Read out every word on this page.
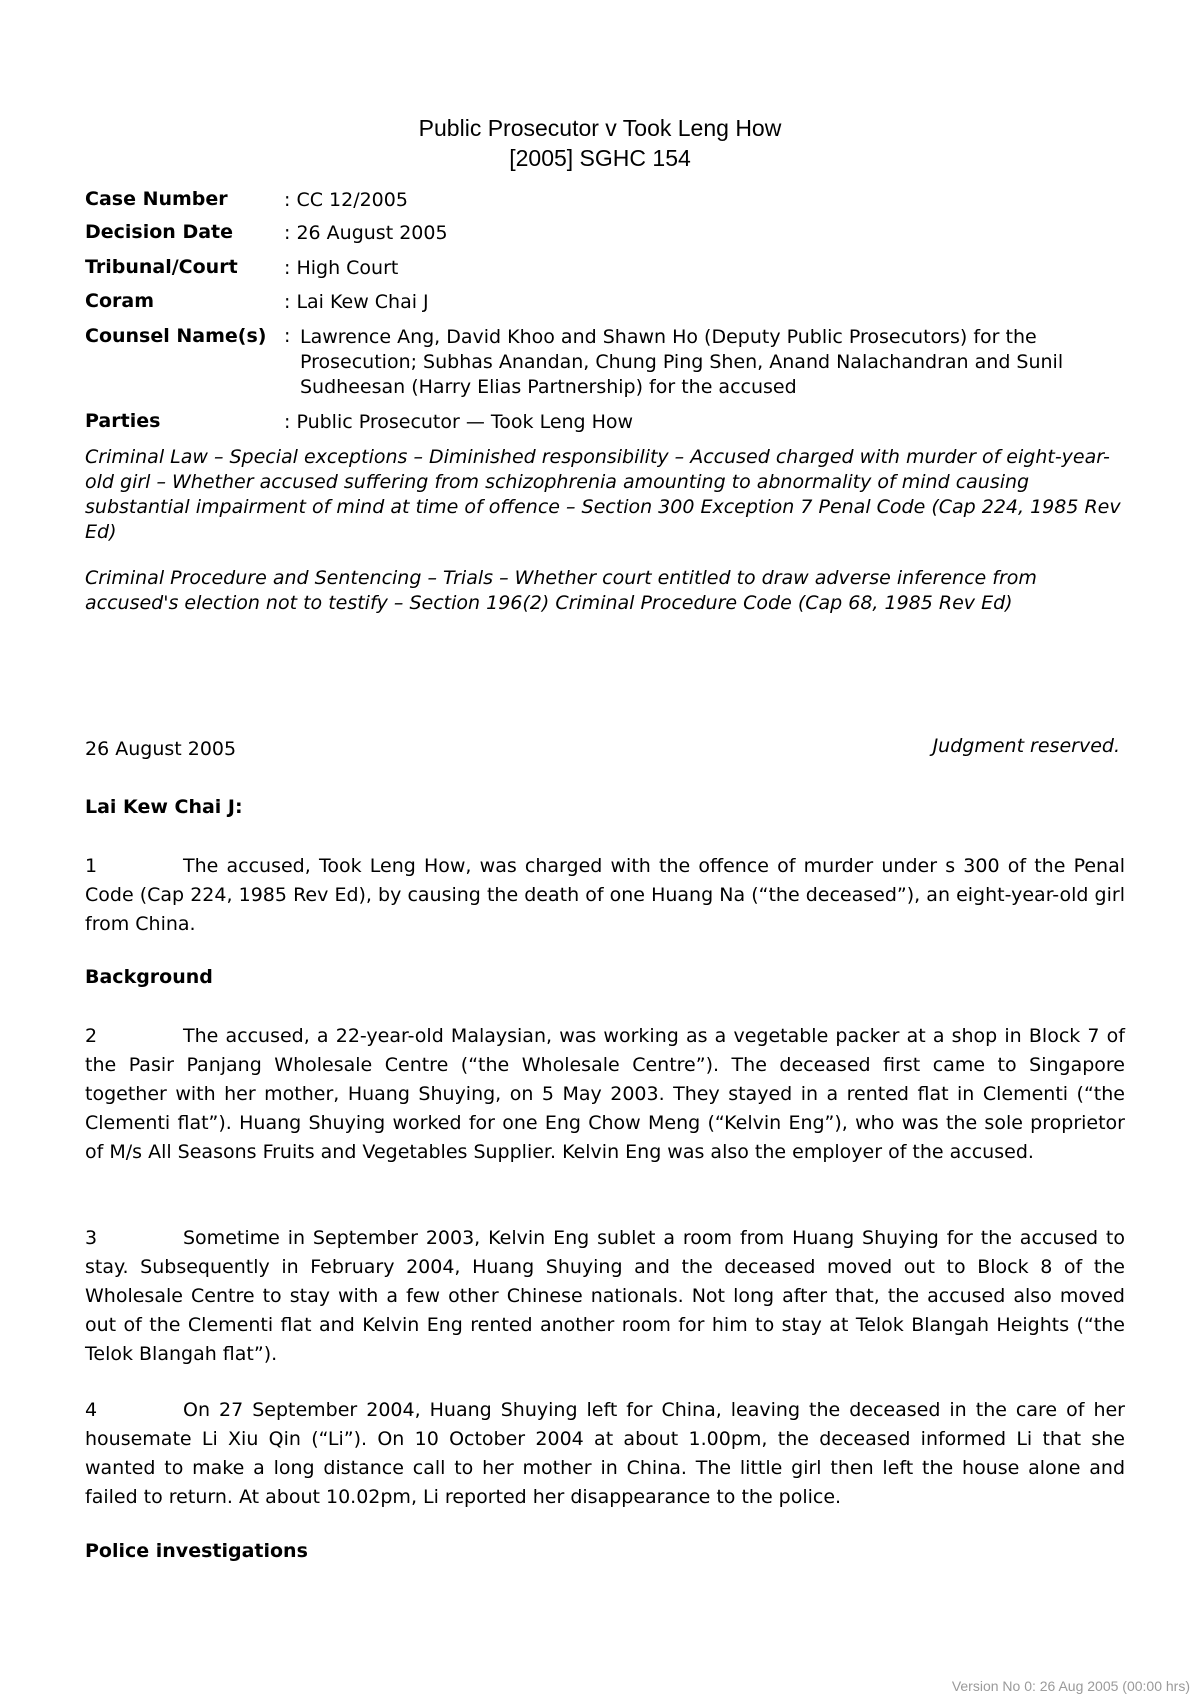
Public Prosecutor v Took Leng How
[2005] SGHC 154
Case Number	: CC 12/2005
Decision Date	: 26 August 2005
Tribunal/Court : High Court
Coram	: Lai Kew Chai J
Counsel Name(s) : Lawrence Ang, David Khoo and Shawn Ho (Deputy Public Prosecutors) for the Prosecution; Subhas Anandan, Chung Ping Shen, Anand Nalachandran and Sunil Sudheesan (Harry Elias Partnership) for the accused
Parties	: Public Prosecutor — Took Leng How
Criminal Law – Special exceptions – Diminished responsibility – Accused charged with murder of eight-year-old girl – Whether accused suffering from schizophrenia amounting to abnormality of mind causing substantial impairment of mind at time of offence – Section 300 Exception 7 Penal Code (Cap 224, 1985 Rev Ed)
Criminal Procedure and Sentencing – Trials – Whether court entitled to draw adverse inference from accused's election not to testify – Section 196(2) Criminal Procedure Code (Cap 68, 1985 Rev Ed)
26 August 2005	Judgment reserved.
Lai Kew Chai J:
1	The accused, Took Leng How, was charged with the offence of murder under s 300 of the Penal Code (Cap 224, 1985 Rev Ed), by causing the death of one Huang Na (“the deceased”), an eight-year-old girl from China.
Background
2	The accused, a 22-year-old Malaysian, was working as a vegetable packer at a shop in Block 7 of the Pasir Panjang Wholesale Centre (“the Wholesale Centre”). The deceased first came to Singapore together with her mother, Huang Shuying, on 5 May 2003. They stayed in a rented flat in Clementi (“the Clementi flat”). Huang Shuying worked for one Eng Chow Meng (“Kelvin Eng”), who was the sole proprietor of M/s All Seasons Fruits and Vegetables Supplier. Kelvin Eng was also the employer of the accused.
3	Sometime in September 2003, Kelvin Eng sublet a room from Huang Shuying for the accused to stay. Subsequently in February 2004, Huang Shuying and the deceased moved out to Block 8 of the Wholesale Centre to stay with a few other Chinese nationals. Not long after that, the accused also moved out of the Clementi flat and Kelvin Eng rented another room for him to stay at Telok Blangah Heights (“the Telok Blangah flat”).
4	On 27 September 2004, Huang Shuying left for China, leaving the deceased in the care of her housemate Li Xiu Qin (“Li”). On 10 October 2004 at about 1.00pm, the deceased informed Li that she wanted to make a long distance call to her mother in China. The little girl then left the house alone and failed to return. At about 10.02pm, Li reported her disappearance to the police.
Police investigations
Version No 0: 26 Aug 2005 (00:00 hrs)
